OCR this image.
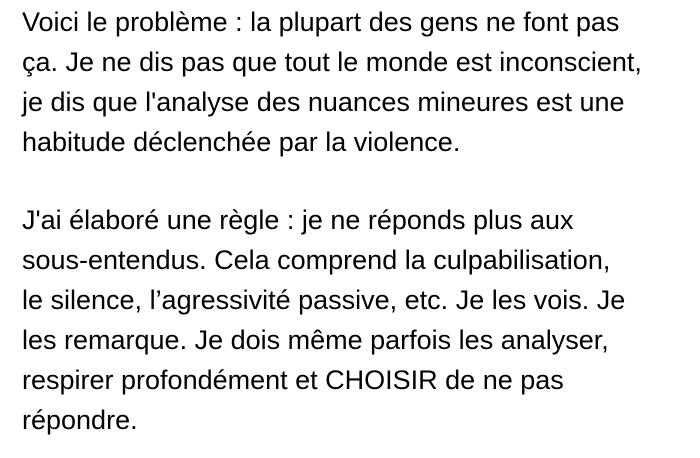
Voici le problème : la plupart des gens ne font pas

ça. Je ne dis pas que tout le monde est inconscient,

je dis que l'analyse des nuances mineures est une

habitude déclenchée par la violence.

J'ai élaboré une règle : je ne réponds plus aux

sous-entendus. Cela comprend la culpabilisation,

le silence, l’agressivité passive, etc. Je les vois. Je

les remarque. Je dois même parfois les analyser,

respirer profondément et CHOISIR de ne pas

répondre.
